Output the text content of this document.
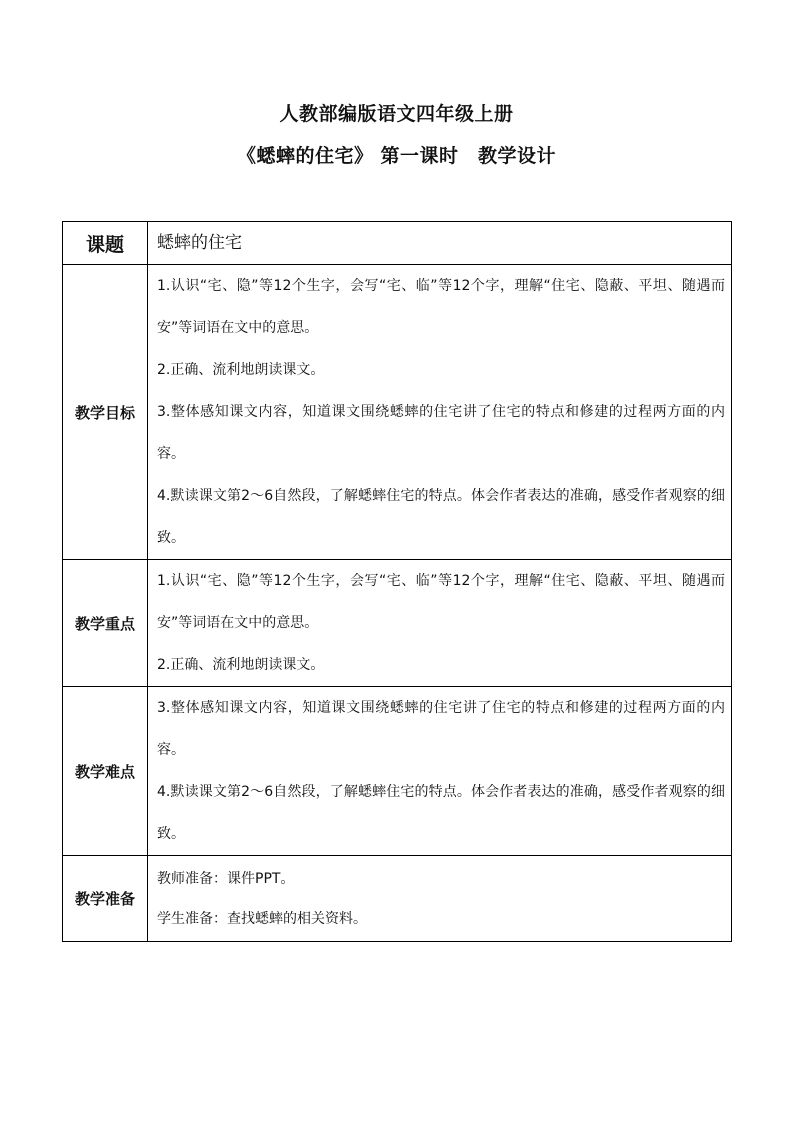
人教部编版语文四年级上册
《蟋蟀的住宅》 第一课时　教学设计
课题	蟋蟀的住宅

教学目标	1.认识“宅、隐”等12个生字，会写“宅、临”等12个字，理解“住宅、隐蔽、平坦、随遇而安”等词语在文中的意思。
2.正确、流利地朗读课文。
3.整体感知课文内容，知道课文围绕蟋蟀的住宅讲了住宅的特点和修建的过程两方面的内容。
4.默读课文第2～6自然段，了解蟋蟀住宅的特点。体会作者表达的准确，感受作者观察的细致。

教学重点	1.认识“宅、隐”等12个生字，会写“宅、临”等12个字，理解“住宅、隐蔽、平坦、随遇而安”等词语在文中的意思。
2.正确、流利地朗读课文。

教学难点	3.整体感知课文内容，知道课文围绕蟋蟀的住宅讲了住宅的特点和修建的过程两方面的内容。
4.默读课文第2～6自然段，了解蟋蟀住宅的特点。体会作者表达的准确，感受作者观察的细致。

教学准备	教师准备：课件PPT。
学生准备：查找蟋蟀的相关资料。
